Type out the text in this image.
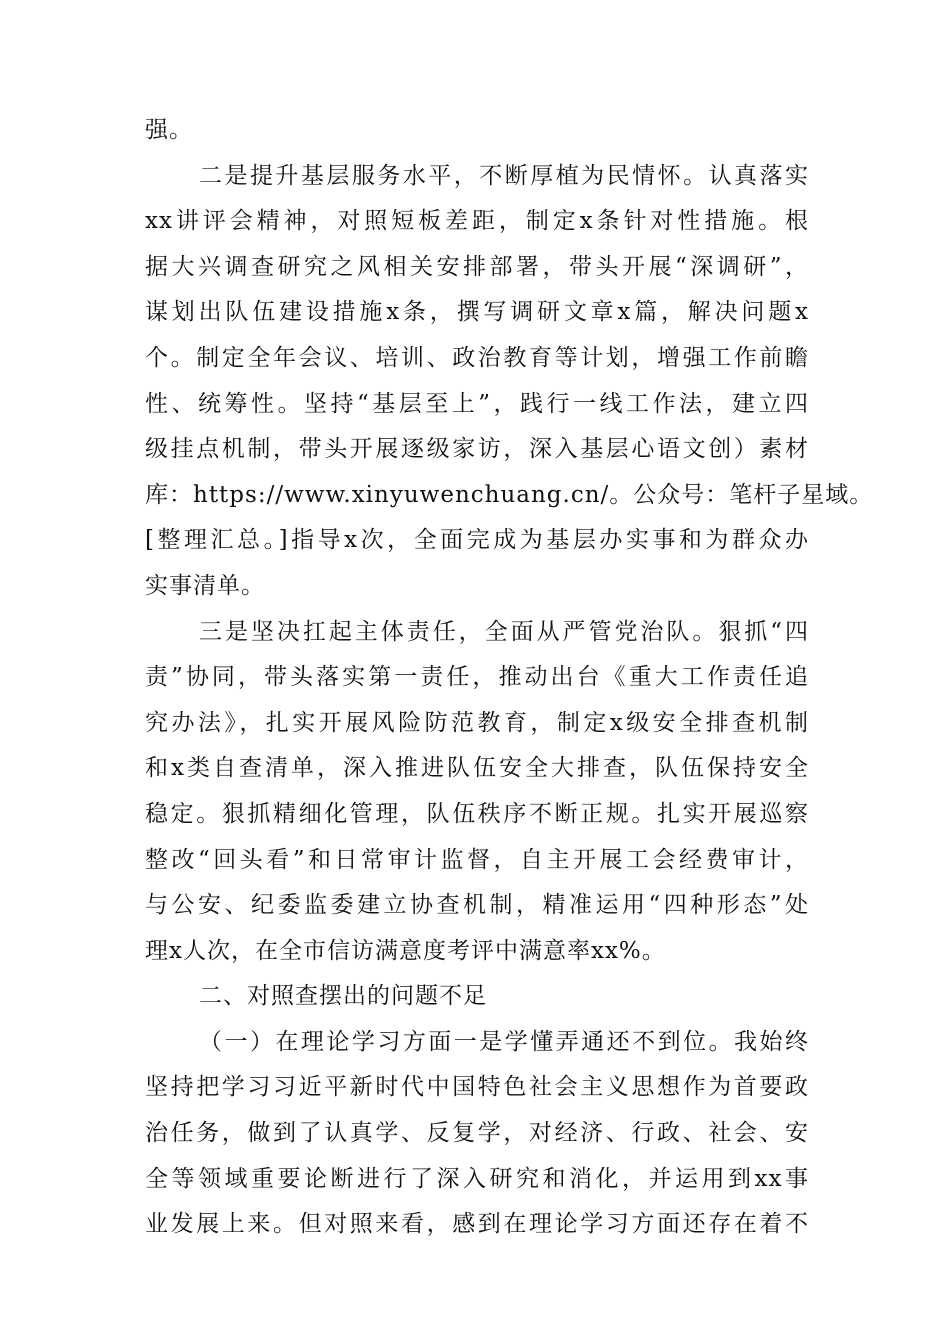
强。
二是提升基层服务水平，不断厚植为民情怀。认真落实
xx讲评会精神，对照短板差距，制定x条针对性措施。根
据大兴调查研究之风相关安排部署，带头开展“深调研”，
谋划出队伍建设措施x条，撰写调研文章x篇，解决问题x
个。制定全年会议、培训、政治教育等计划，增强工作前瞻
性、统筹性。坚持“基层至上”，践行一线工作法，建立四
级挂点机制，带头开展逐级家访，深入基层心语文创）素材
库：https://www.xinyuwenchuang.cn/。公众号：笔杆子星域。
[整理汇总。]指导x次，全面完成为基层办实事和为群众办
实事清单。
三是坚决扛起主体责任，全面从严管党治队。狠抓“四
责”协同，带头落实第一责任，推动出台《重大工作责任追
究办法》，扎实开展风险防范教育，制定x级安全排查机制
和x类自查清单，深入推进队伍安全大排查，队伍保持安全
稳定。狠抓精细化管理，队伍秩序不断正规。扎实开展巡察
整改“回头看”和日常审计监督，自主开展工会经费审计，
与公安、纪委监委建立协查机制，精准运用“四种形态”处
理x人次，在全市信访满意度考评中满意率xx%。
二、对照查摆出的问题不足
（一）在理论学习方面一是学懂弄通还不到位。我始终
坚持把学习习近平新时代中国特色社会主义思想作为首要政
治任务，做到了认真学、反复学，对经济、行政、社会、安
全等领域重要论断进行了深入研究和消化，并运用到xx事
业发展上来。但对照来看，感到在理论学习方面还存在着不
